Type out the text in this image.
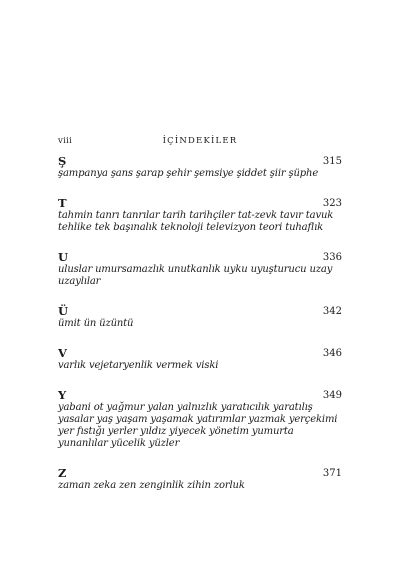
viii	İÇİNDEKİLER
Ş	315

şampanya şans şarap şehir şemsiye şiddet şiir şüphe

T	323

tahmin tanrı tanrılar tarih tarihçiler tat-zevk tavır tavuk tehlike tek başınalık teknoloji televizyon teori tuhaflık

U	336

uluslar umursamazlık unutkanlık uyku uyuşturucu uzay uzaylılar

Ü	342

ümit ün üzüntü

V	346

varlık vejetaryenlik vermek viski

Y	349

yabani ot yağmur yalan yalnızlık yaratıcılık yaratılış yasalar yaş yaşam yaşamak yatırımlar yazmak yerçekimi yer fıstığı yerler yıldız yiyecek yönetim yumurta yunanlılar yücelik yüzler

Z	371

zaman zeka zen zenginlik zihin zorluk
